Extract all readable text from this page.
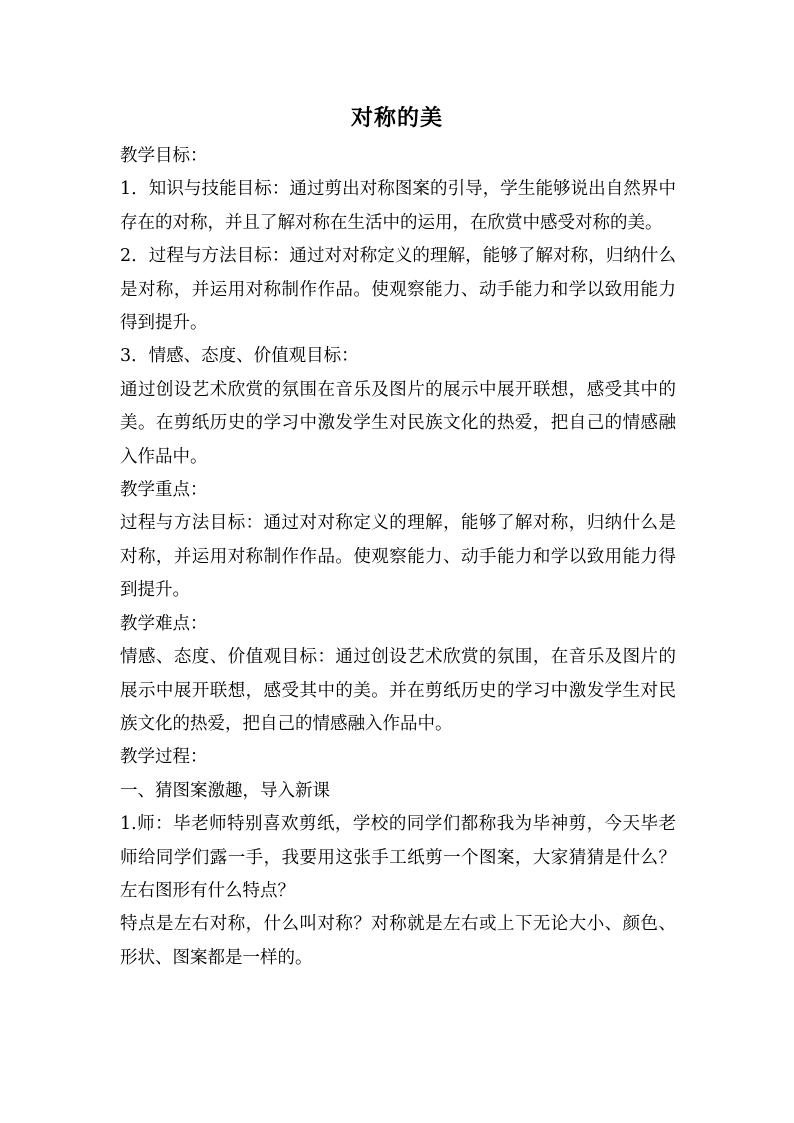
对称的美

教学目标：

1．知识与技能目标：通过剪出对称图案的引导，学生能够说出自然界中存在的对称，并且了解对称在生活中的运用，在欣赏中感受对称的美。

2．过程与方法目标：通过对对称定义的理解，能够了解对称，归纳什么是对称，并运用对称制作作品。使观察能力、动手能力和学以致用能力得到提升。

3．情感、态度、价值观目标：

通过创设艺术欣赏的氛围在音乐及图片的展示中展开联想，感受其中的美。在剪纸历史的学习中激发学生对民族文化的热爱，把自己的情感融入作品中。

教学重点：

过程与方法目标：通过对对称定义的理解，能够了解对称，归纳什么是对称，并运用对称制作作品。使观察能力、动手能力和学以致用能力得到提升。

教学难点：

情感、态度、价值观目标：通过创设艺术欣赏的氛围，在音乐及图片的展示中展开联想，感受其中的美。并在剪纸历史的学习中激发学生对民族文化的热爱，把自己的情感融入作品中。

教学过程：

一、猜图案激趣，导入新课

1.师：毕老师特别喜欢剪纸，学校的同学们都称我为毕神剪，今天毕老师给同学们露一手，我要用这张手工纸剪一个图案，大家猜猜是什么？左右图形有什么特点？

特点是左右对称，什么叫对称？对称就是左右或上下无论大小、颜色、形状、图案都是一样的。
